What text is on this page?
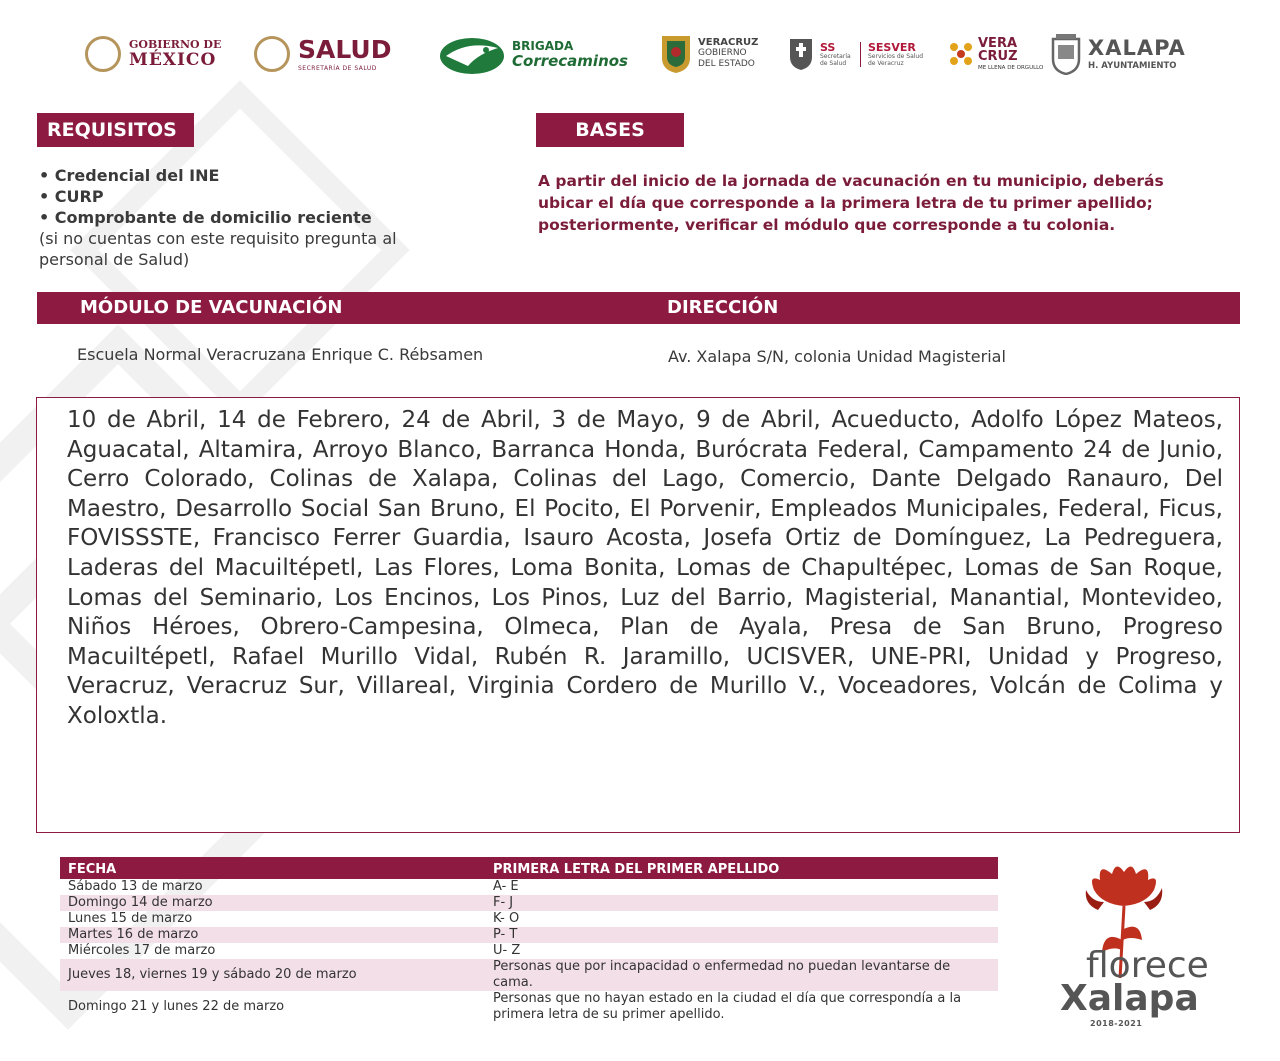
GOBIERNO DE
MÉXICO	SALUD
SECRETARÍA DE SALUD
BRIGADA
Correcaminos
VERACRUZ
GOBIERNO
DEL ESTADO
SS
Secretaría de Salud
SESVER
Servicios de Salud de Veracruz
VERA
CRUZ
ME LLENA DE ORGULLO
XALAPA
H. AYUNTAMIENTO
REQUISITOS
• Credencial del INE
• CURP
• Comprobante de domicilio reciente
(si no cuentas con este requisito pregunta al personal de Salud)
BASES
A partir del inicio de la jornada de vacunación en tu municipio, deberás ubicar el día que corresponde a la primera letra de tu primer apellido; posteriormente, verificar el módulo que corresponde a tu colonia.
MÓDULO DE VACUNACIÓN	DIRECCIÓN
Escuela Normal Veracruzana Enrique C. Rébsamen	Av. Xalapa S/N, colonia Unidad Magisterial

10 de Abril, 14 de Febrero, 24 de Abril, 3 de Mayo, 9 de Abril, Acueducto, Adolfo López Mateos, Aguacatal, Altamira, Arroyo Blanco, Barranca Honda, Burócrata Federal, Campamento 24 de Junio, Cerro Colorado, Colinas de Xalapa, Colinas del Lago, Comercio, Dante Delgado Ranauro, Del Maestro, Desarrollo Social San Bruno, El Pocito, El Porvenir, Empleados Municipales, Federal, Ficus, FOVISSSTE, Francisco Ferrer Guardia, Isauro Acosta, Josefa Ortiz de Domínguez, La Pedreguera, Laderas del Macuiltépetl, Las Flores, Loma Bonita, Lomas de Chapultépec, Lomas de San Roque, Lomas del Seminario, Los Encinos, Los Pinos, Luz del Barrio, Magisterial, Manantial, Montevideo, Niños Héroes, Obrero-Campesina, Olmeca, Plan de Ayala, Presa de San Bruno, Progreso Macuiltépetl, Rafael Murillo Vidal, Rubén R. Jaramillo, UCISVER, UNE-PRI, Unidad y Progreso, Veracruz, Veracruz Sur, Villareal, Virginia Cordero de Murillo V., Voceadores, Volcán de Colima y Xoloxtla.

FECHA	PRIMERA LETRA DEL PRIMER APELLIDO
Sábado 13 de marzo	A- E
Domingo 14 de marzo	F- J
Lunes 15 de marzo	K- O
Martes 16 de marzo	P- T
Miércoles 17 de marzo	U- Z
Jueves 18, viernes 19 y sábado 20 de marzo	Personas que por incapacidad o enfermedad no puedan levantarse de cama.
Domingo 21 y lunes 22 de marzo	Personas que no hayan estado en la ciudad el día que correspondía a la primera letra de su primer apellido.
florece
Xalapa
2018-2021
